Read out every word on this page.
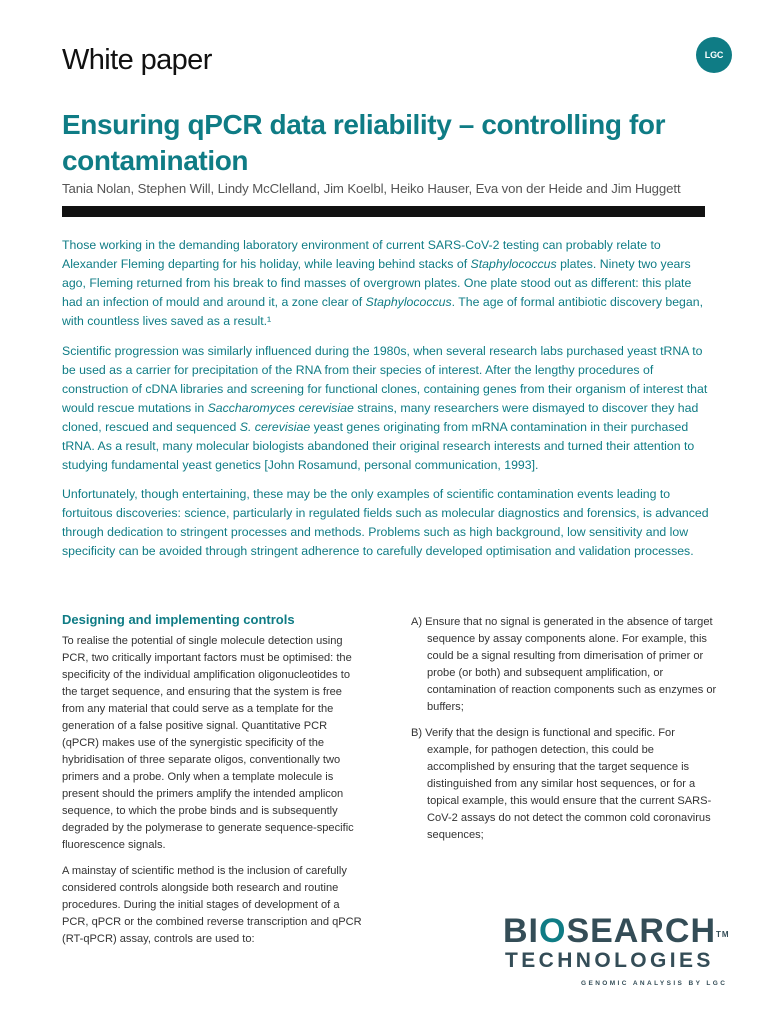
White paper	LGC
Ensuring qPCR data reliability – controlling for contamination
Tania Nolan, Stephen Will, Lindy McClelland, Jim Koelbl, Heiko Hauser, Eva von der Heide and Jim Huggett

Those working in the demanding laboratory environment of current SARS-CoV-2 testing can probably relate to Alexander Fleming departing for his holiday, while leaving behind stacks of Staphylococcus plates. Ninety two years ago, Fleming returned from his break to find masses of overgrown plates. One plate stood out as different: this plate had an infection of mould and around it, a zone clear of Staphylococcus. The age of formal antibiotic discovery began, with countless lives saved as a result.¹

Scientific progression was similarly influenced during the 1980s, when several research labs purchased yeast tRNA to be used as a carrier for precipitation of the RNA from their species of interest. After the lengthy procedures of construction of cDNA libraries and screening for functional clones, containing genes from their organism of interest that would rescue mutations in Saccharomyces cerevisiae strains, many researchers were dismayed to discover they had cloned, rescued and sequenced S. cerevisiae yeast genes originating from mRNA contamination in their purchased tRNA. As a result, many molecular biologists abandoned their original research interests and turned their attention to studying fundamental yeast genetics [John Rosamund, personal communication, 1993].

Unfortunately, though entertaining, these may be the only examples of scientific contamination events leading to fortuitous discoveries: science, particularly in regulated fields such as molecular diagnostics and forensics, is advanced through dedication to stringent processes and methods. Problems such as high background, low sensitivity and low specificity can be avoided through stringent adherence to carefully developed optimisation and validation processes.

Designing and implementing controls

To realise the potential of single molecule detection using PCR, two critically important factors must be optimised: the specificity of the individual amplification oligonucleotides to the target sequence, and ensuring that the system is free from any material that could serve as a template for the generation of a false positive signal. Quantitative PCR (qPCR) makes use of the synergistic specificity of the hybridisation of three separate oligos, conventionally two primers and a probe. Only when a template molecule is present should the primers amplify the intended amplicon sequence, to which the probe binds and is subsequently degraded by the polymerase to generate sequence-specific fluorescence signals.

A mainstay of scientific method is the inclusion of carefully considered controls alongside both research and routine procedures. During the initial stages of development of a PCR, qPCR or the combined reverse transcription and qPCR (RT-qPCR) assay, controls are used to:

A) Ensure that no signal is generated in the absence of target sequence by assay components alone. For example, this could be a signal resulting from dimerisation of primer or probe (or both) and subsequent amplification, or contamination of reaction components such as enzymes or buffers;

B) Verify that the design is functional and specific. For example, for pathogen detection, this could be accomplished by ensuring that the target sequence is distinguished from any similar host sequences, or for a topical example, this would ensure that the current SARS-CoV-2 assays do not detect the common cold coronavirus sequences;

BIOSEARCH™
TECHNOLOGIES
GENOMIC ANALYSIS BY LGC
